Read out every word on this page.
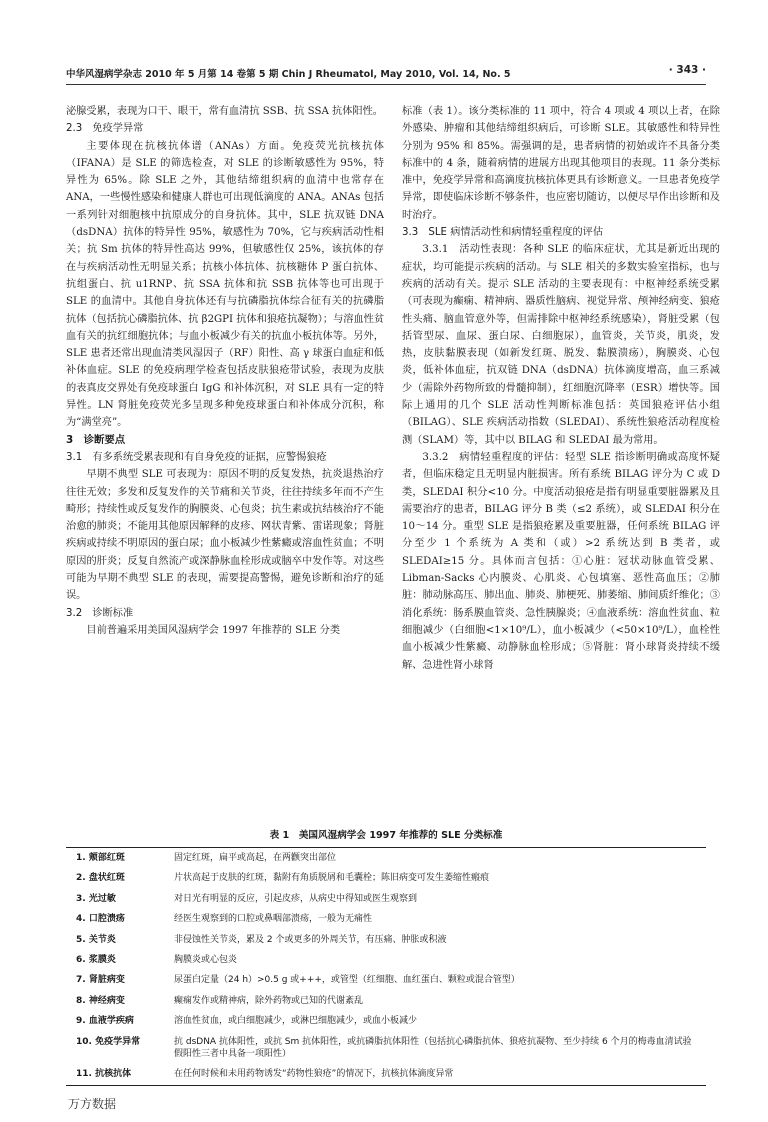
中华风湿病学杂志 2010 年 5 月第 14 卷第 5 期 Chin J Rheumatol, May 2010, Vol. 14, No. 5	· 343 ·

泌腺受累，表现为口干、眼干，常有血清抗 SSB、抗 SSA 抗体阳性。

2.3　免疫学异常

主要体现在抗核抗体谱（ANAs）方面。免疫荧光抗核抗体（IFANA）是 SLE 的筛选检查，对 SLE 的诊断敏感性为 95%，特异性为 65%。除 SLE 之外，其他结缔组织病的血清中也常存在 ANA，一些慢性感染和健康人群也可出现低滴度的 ANA。ANAs 包括一系列针对细胞核中抗原成分的自身抗体。其中，SLE 抗双链 DNA（dsDNA）抗体的特异性 95%，敏感性为 70%，它与疾病活动性相关；抗 Sm 抗体的特异性高达 99%，但敏感性仅 25%，该抗体的存在与疾病活动性无明显关系；抗核小体抗体、抗核糖体 P 蛋白抗体、抗组蛋白、抗 u1RNP、抗 SSA 抗体和抗 SSB 抗体等也可出现于 SLE 的血清中。其他自身抗体还有与抗磷脂抗体综合征有关的抗磷脂抗体（包括抗心磷脂抗体、抗 β2GPI 抗体和狼疮抗凝物）；与溶血性贫血有关的抗红细胞抗体；与血小板减少有关的抗血小板抗体等。另外，SLE 患者还常出现血清类风湿因子（RF）阳性、高 γ 球蛋白血症和低补体血症。SLE 的免疫病理学检查包括皮肤狼疮带试验，表现为皮肤的表真皮交界处有免疫球蛋白 IgG 和补体沉积，对 SLE 具有一定的特异性。LN 肾脏免疫荧光多呈现多种免疫球蛋白和补体成分沉积，称为“满堂亮”。

3　诊断要点

3.1　有多系统受累表现和有自身免疫的证据，应警惕狼疮

早期不典型 SLE 可表现为：原因不明的反复发热，抗炎退热治疗往往无效；多发和反复发作的关节痛和关节炎，往往持续多年而不产生畸形；持续性或反复发作的胸膜炎、心包炎；抗生素或抗结核治疗不能治愈的肺炎；不能用其他原因解释的皮疹、网状青紫、雷诺现象；肾脏疾病或持续不明原因的蛋白尿；血小板减少性紫癜或溶血性贫血；不明原因的肝炎；反复自然流产或深静脉血栓形成或脑卒中发作等。对这些可能为早期不典型 SLE 的表现，需要提高警惕，避免诊断和治疗的延误。

3.2　诊断标准

目前普遍采用美国风湿病学会 1997 年推荐的 SLE 分类

标准（表 1）。该分类标准的 11 项中，符合 4 项或 4 项以上者，在除外感染、肿瘤和其他结缔组织病后，可诊断 SLE。其敏感性和特异性分别为 95% 和 85%。需强调的是，患者病情的初始或许不具备分类标准中的 4 条，随着病情的进展方出现其他项目的表现。11 条分类标准中，免疫学异常和高滴度抗核抗体更具有诊断意义。一旦患者免疫学异常，即使临床诊断不够条件，也应密切随访，以便尽早作出诊断和及时治疗。

3.3　SLE 病情活动性和病情轻重程度的评估

3.3.1　活动性表现：各种 SLE 的临床症状，尤其是新近出现的症状，均可能提示疾病的活动。与 SLE 相关的多数实验室指标，也与疾病的活动有关。提示 SLE 活动的主要表现有：中枢神经系统受累（可表现为癫痫、精神病、器质性脑病、视觉异常、颅神经病变、狼疮性头痛、脑血管意外等，但需排除中枢神经系统感染），肾脏受累（包括管型尿、血尿、蛋白尿、白细胞尿），血管炎，关节炎，肌炎，发热，皮肤黏膜表现（如新发红斑、脱发、黏膜溃疡），胸膜炎、心包炎，低补体血症，抗双链 DNA（dsDNA）抗体滴度增高，血三系减少（需除外药物所致的骨髓抑制），红细胞沉降率（ESR）增快等。国际上通用的几个 SLE 活动性判断标准包括：英国狼疮评估小组（BILAG）、SLE 疾病活动指数（SLEDAI）、系统性狼疮活动程度检测（SLAM）等，其中以 BILAG 和 SLEDAI 最为常用。

3.3.2　病情轻重程度的评估：轻型 SLE 指诊断明确或高度怀疑者，但临床稳定且无明显内脏损害。所有系统 BILAG 评分为 C 或 D 类，SLEDAI 积分<10 分。中度活动狼疮是指有明显重要脏器累及且需要治疗的患者，BILAG 评分 B 类（≤2 系统），或 SLEDAI 积分在 10～14 分。重型 SLE 是指狼疮累及重要脏器，任何系统 BILAG 评分至少 1 个系统为 A 类和（或）>2 系统达到 B 类者，或 SLEDAI≥15 分。具体而言包括：①心脏：冠状动脉血管受累、Libman-Sacks 心内膜炎、心肌炎、心包填塞、恶性高血压；②肺脏：肺动脉高压、肺出血、肺炎、肺梗死、肺萎缩、肺间质纤维化；③消化系统：肠系膜血管炎、急性胰腺炎；④血液系统：溶血性贫血、粒细胞减少（白细胞<1×10⁹/L），血小板减少（<50×10⁹/L），血栓性血小板减少性紫癜、动静脉血栓形成；⑤肾脏：肾小球肾炎持续不缓解、急进性肾小球肾

表 1　美国风湿病学会 1997 年推荐的 SLE 分类标准
1. 颊部红斑	固定红斑，扁平或高起，在两颧突出部位
2. 盘状红斑	片状高起于皮肤的红斑，黏附有角质脱屑和毛囊栓；陈旧病变可发生萎缩性瘢痕
3. 光过敏	对日光有明显的反应，引起皮疹，从病史中得知或医生观察到
4. 口腔溃疡	经医生观察到的口腔或鼻咽部溃疡，一般为无痛性
5. 关节炎	非侵蚀性关节炎，累及 2 个或更多的外周关节，有压痛、肿胀或积液
6. 浆膜炎	胸膜炎或心包炎
7. 肾脏病变	尿蛋白定量（24 h）>0.5 g 或+++，或管型（红细胞、血红蛋白、颗粒或混合管型）
8. 神经病变	癫痫发作或精神病，除外药物或已知的代谢紊乱
9. 血液学疾病	溶血性贫血，或白细胞减少，或淋巴细胞减少，或血小板减少
10. 免疫学异常	抗 dsDNA 抗体阳性，或抗 Sm 抗体阳性，或抗磷脂抗体阳性（包括抗心磷脂抗体、狼疮抗凝物、至少持续 6 个月的梅毒血清试验假阳性三者中具备一项阳性）
11. 抗核抗体	在任何时候和未用药物诱发“药物性狼疮”的情况下，抗核抗体滴度异常
万方数据
